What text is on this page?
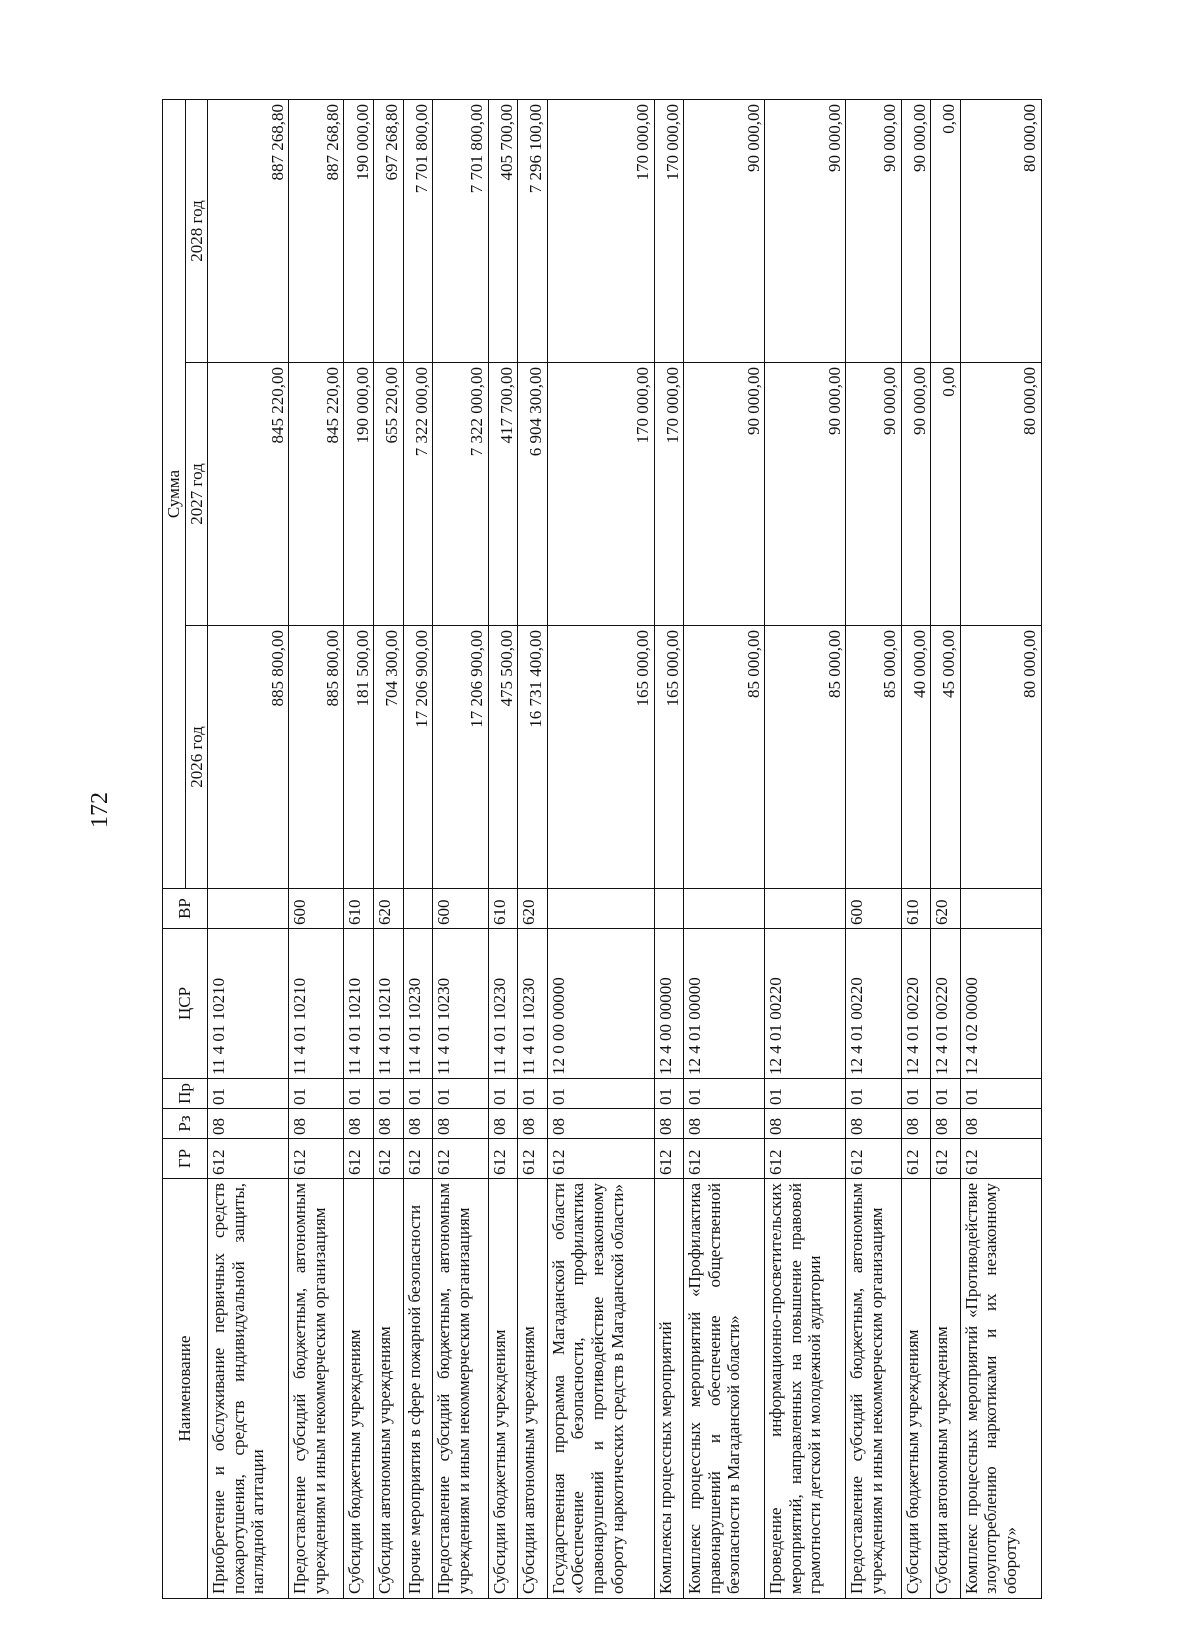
172
Наименование	ГР	Рз	Пр	ЦСР	ВР	Сумма		
						2026 год	2027 год	2028 год
Приобретение и обслуживание первичных средств пожаротушения, средств индивидуальной защиты, наглядной агитации	612	08	01	11 4 01 10210		885 800,00	845 220,00	887 268,80
Предоставление субсидий бюджетным, автономным учреждениям и иным некоммерческим организациям	612	08	01	11 4 01 10210	600	885 800,00	845 220,00	887 268,80
Субсидии бюджетным учреждениям	612	08	01	11 4 01 10210	610	181 500,00	190 000,00	190 000,00
Субсидии автономным учреждениям	612	08	01	11 4 01 10210	620	704 300,00	655 220,00	697 268,80
Прочие мероприятия в сфере пожарной безопасности	612	08	01	11 4 01 10230		17 206 900,00	7 322 000,00	7 701 800,00
Предоставление субсидий бюджетным, автономным учреждениям и иным некоммерческим организациям	612	08	01	11 4 01 10230	600	17 206 900,00	7 322 000,00	7 701 800,00
Субсидии бюджетным учреждениям	612	08	01	11 4 01 10230	610	475 500,00	417 700,00	405 700,00
Субсидии автономным учреждениям	612	08	01	11 4 01 10230	620	16 731 400,00	6 904 300,00	7 296 100,00
Государственная программа Магаданской области «Обеспечение безопасности, профилактика правонарушений и противодействие незаконному обороту наркотических средств в Магаданской области»	612	08	01	12 0 00 00000		165 000,00	170 000,00	170 000,00
Комплексы процессных мероприятий	612	08	01	12 4 00 00000		165 000,00	170 000,00	170 000,00
Комплекс процессных мероприятий «Профилактика правонарушений и обеспечение общественной безопасности в Магаданской области»	612	08	01	12 4 01 00000		85 000,00	90 000,00	90 000,00
Проведение информационно-просветительских мероприятий, направленных на повышение правовой грамотности детской и молодежной аудитории	612	08	01	12 4 01 00220		85 000,00	90 000,00	90 000,00
Предоставление субсидий бюджетным, автономным учреждениям и иным некоммерческим организациям	612	08	01	12 4 01 00220	600	85 000,00	90 000,00	90 000,00
Субсидии бюджетным учреждениям	612	08	01	12 4 01 00220	610	40 000,00	90 000,00	90 000,00
Субсидии автономным учреждениям	612	08	01	12 4 01 00220	620	45 000,00	0,00	0,00
Комплекс процессных мероприятий «Противодействие злоупотреблению наркотиками и их незаконному обороту»	612	08	01	12 4 02 00000		80 000,00	80 000,00	80 000,00
